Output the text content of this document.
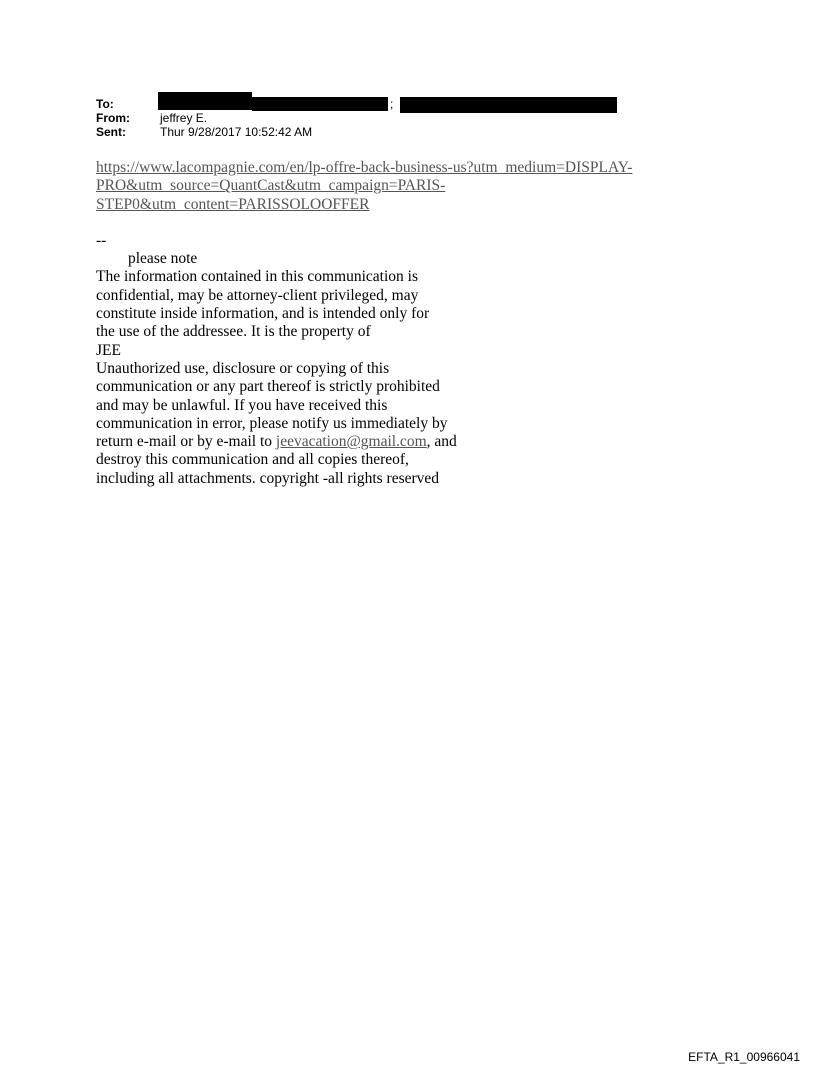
To:	;
From:	jeffrey E.
Sent:	Thur 9/28/2017 10:52:42 AM
https://www.lacompagnie.com/en/lp-offre-back-business-us?utm_medium=DISPLAY-
PRO&utm_source=QuantCast&utm_campaign=PARIS-
STEP0&utm_content=PARISSOLOOFFER
--
please note
The information contained in this communication is
confidential, may be attorney-client privileged, may
constitute inside information, and is intended only for
the use of the addressee. It is the property of
JEE
Unauthorized use, disclosure or copying of this
communication or any part thereof is strictly prohibited
and may be unlawful. If you have received this
communication in error, please notify us immediately by
return e-mail or by e-mail to jeevacation@gmail.com, and
destroy this communication and all copies thereof,
including all attachments. copyright -all rights reserved
EFTA_R1_00966041
